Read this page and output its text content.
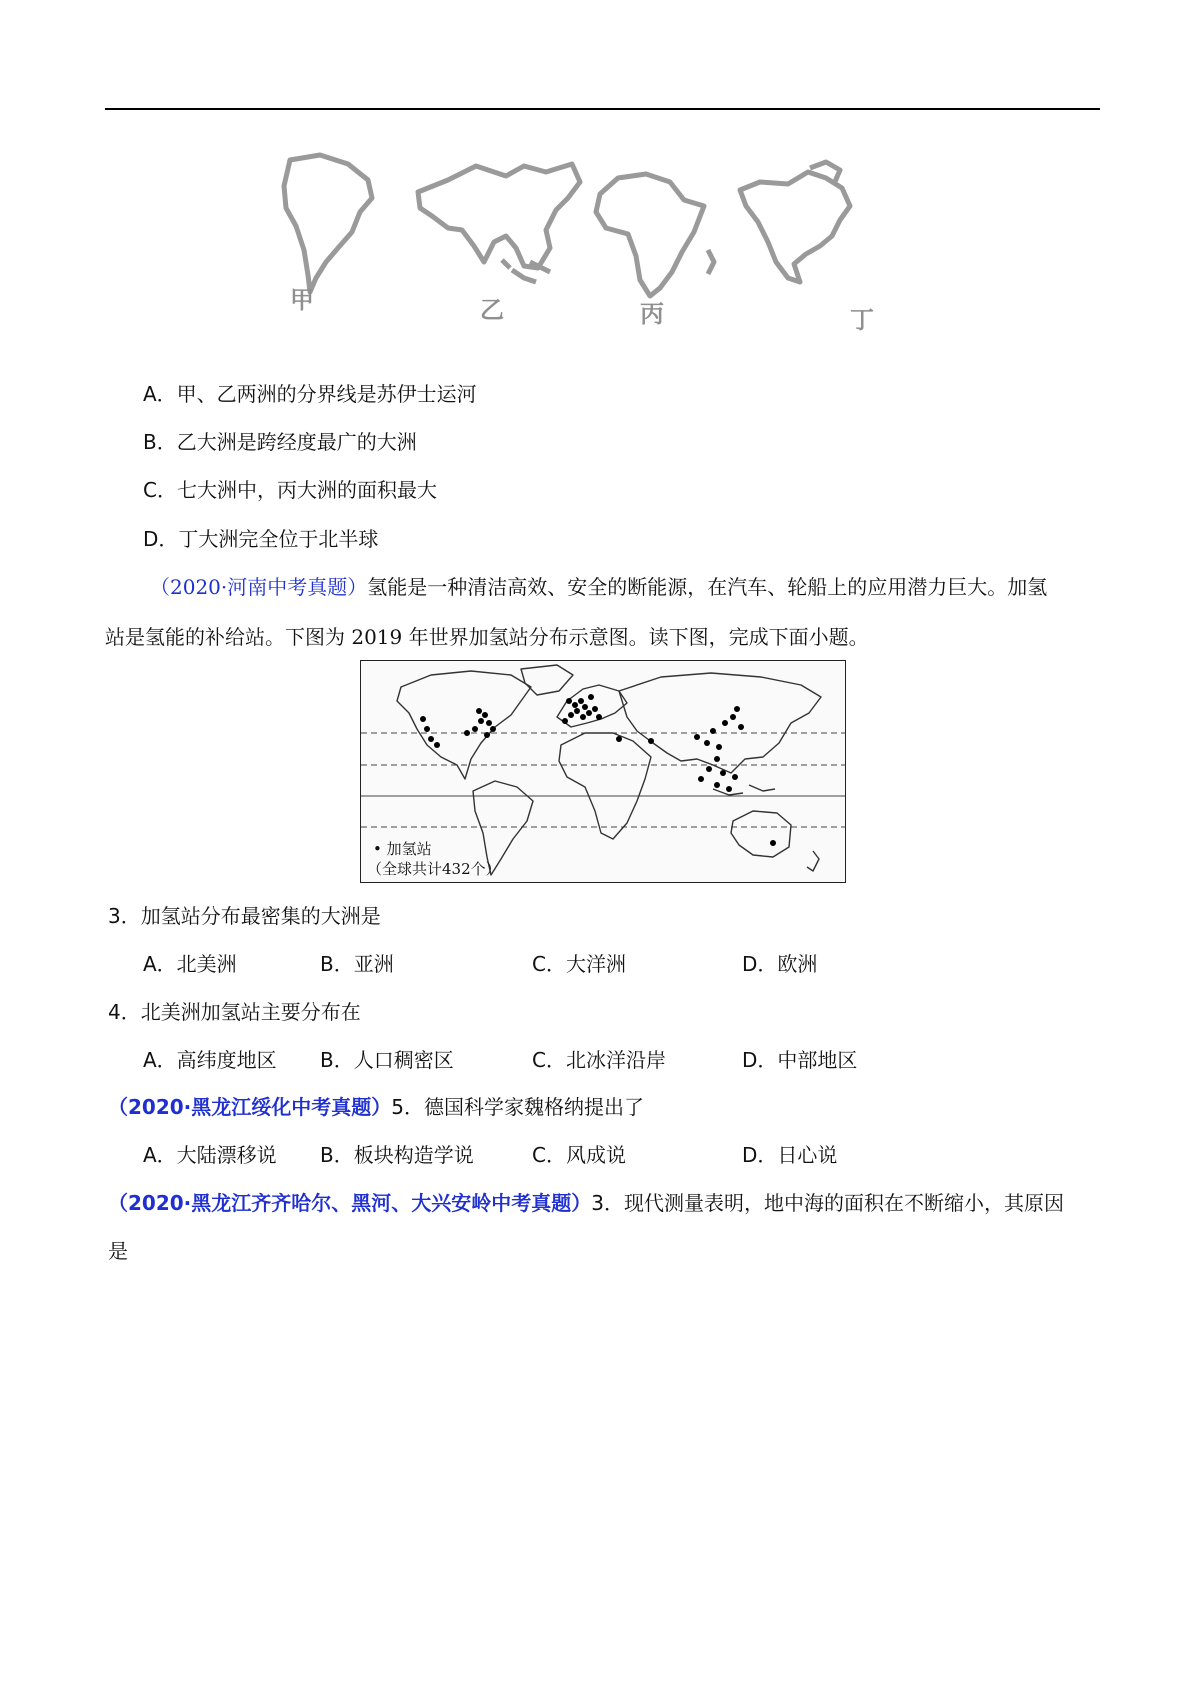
甲	乙	丙	丁
A．甲、乙两洲的分界线是苏伊士运河
B．乙大洲是跨经度最广的大洲
C．七大洲中，丙大洲的面积最大
D．丁大洲完全位于北半球
（2020·河南中考真题）氢能是一种清洁高效、安全的断能源，在汽车、轮船上的应用潜力巨大。加氢
站是氢能的补给站。下图为 2019 年世界加氢站分布示意图。读下图，完成下面小题。
• 加氢站
（全球共计432个）
3．加氢站分布最密集的大洲是
A．北美洲	B．亚洲	C．大洋洲	D．欧洲
4．北美洲加氢站主要分布在
A．高纬度地区 B．人口稠密区	C．北冰洋沿岸	D．中部地区
（2020·黑龙江绥化中考真题）5．德国科学家魏格纳提出了
A．大陆漂移说 B．板块构造学说	C．风成说	D．日心说
（2020·黑龙江齐齐哈尔、黑河、大兴安岭中考真题）3．现代测量表明，地中海的面积在不断缩小，其原因
是
